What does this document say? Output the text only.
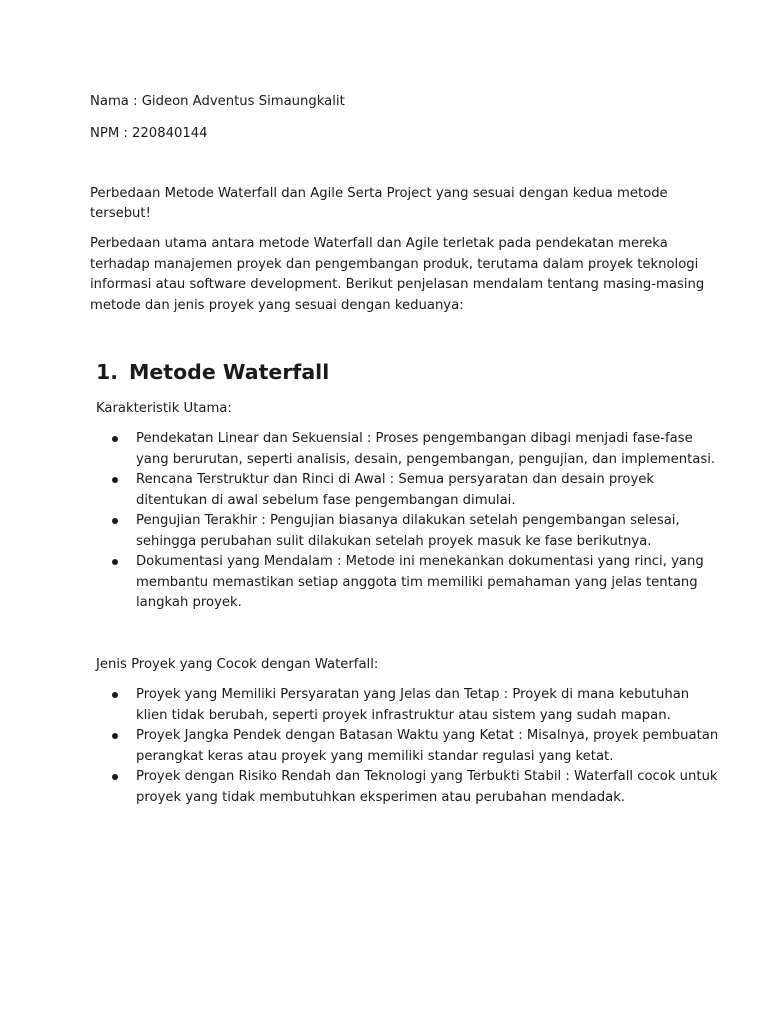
Nama : Gideon Adventus Simaungkalit
NPM : 220840144
Perbedaan Metode Waterfall dan Agile Serta Project yang sesuai dengan kedua metode
tersebut!
Perbedaan utama antara metode Waterfall dan Agile terletak pada pendekatan mereka
terhadap manajemen proyek dan pengembangan produk, terutama dalam proyek teknologi
informasi atau software development. Berikut penjelasan mendalam tentang masing-masing
metode dan jenis proyek yang sesuai dengan keduanya:
1. Metode Waterfall
Karakteristik Utama:
Pendekatan Linear dan Sekuensial : Proses pengembangan dibagi menjadi fase-fase
yang berurutan, seperti analisis, desain, pengembangan, pengujian, dan implementasi.
Rencana Terstruktur dan Rinci di Awal : Semua persyaratan dan desain proyek
ditentukan di awal sebelum fase pengembangan dimulai.
Pengujian Terakhir : Pengujian biasanya dilakukan setelah pengembangan selesai,
sehingga perubahan sulit dilakukan setelah proyek masuk ke fase berikutnya.
Dokumentasi yang Mendalam : Metode ini menekankan dokumentasi yang rinci, yang
membantu memastikan setiap anggota tim memiliki pemahaman yang jelas tentang
langkah proyek.
Jenis Proyek yang Cocok dengan Waterfall:
Proyek yang Memiliki Persyaratan yang Jelas dan Tetap : Proyek di mana kebutuhan
klien tidak berubah, seperti proyek infrastruktur atau sistem yang sudah mapan.
Proyek Jangka Pendek dengan Batasan Waktu yang Ketat : Misalnya, proyek pembuatan
perangkat keras atau proyek yang memiliki standar regulasi yang ketat.
Proyek dengan Risiko Rendah dan Teknologi yang Terbukti Stabil : Waterfall cocok untuk
proyek yang tidak membutuhkan eksperimen atau perubahan mendadak.
